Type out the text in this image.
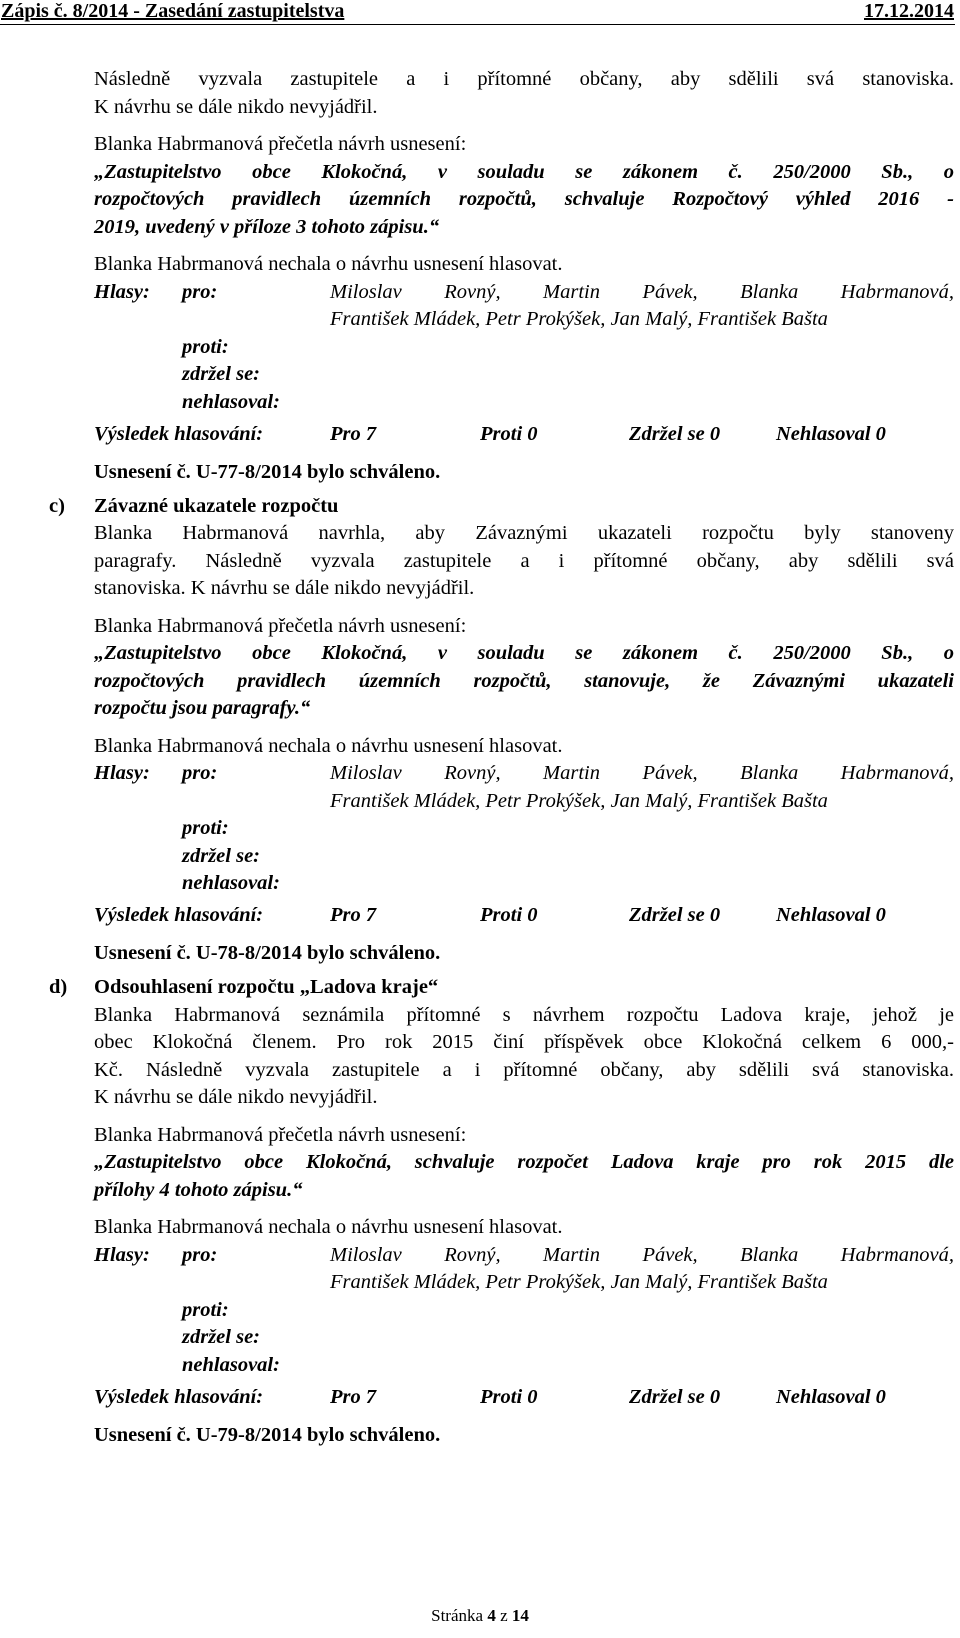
Zápis č. 8/2014 - Zasedání zastupitelstva	17.12.2014

Následně vyzvala zastupitele a i přítomné občany, aby sdělili svá stanoviska.

K návrhu se dále nikdo nevyjádřil.

Blanka Habrmanová přečetla návrh usnesení:

„Zastupitelstvo obce Klokočná, v souladu se zákonem č. 250/2000 Sb., o

rozpočtových pravidlech územních rozpočtů, schvaluje Rozpočtový výhled 2016 -

2019, uvedený v příloze 3 tohoto zápisu.“

Blanka Habrmanová nechala o návrhu usnesení hlasovat.

Hlasy: pro:	Miloslav Rovný, Martin Pávek, Blanka Habrmanová,
František Mládek, Petr Prokýšek, Jan Malý, František Bašta
proti:
zdržel se:
nehlasoval:
Výsledek hlasování:	Pro 7	Proti 0	Zdržel se 0	Nehlasoval 0

Usnesení č. U-77-8/2014 bylo schváleno.

c) Závazné ukazatele rozpočtu

Blanka Habrmanová navrhla, aby Závaznými ukazateli rozpočtu byly stanoveny

paragrafy. Následně vyzvala zastupitele a i přítomné občany, aby sdělili svá

stanoviska. K návrhu se dále nikdo nevyjádřil.

Blanka Habrmanová přečetla návrh usnesení:

„Zastupitelstvo obce Klokočná, v souladu se zákonem č. 250/2000 Sb., o

rozpočtových pravidlech územních rozpočtů, stanovuje, že Závaznými ukazateli

rozpočtu jsou paragrafy.“

Blanka Habrmanová nechala o návrhu usnesení hlasovat.

Hlasy: pro:	Miloslav Rovný, Martin Pávek, Blanka Habrmanová,
František Mládek, Petr Prokýšek, Jan Malý, František Bašta
proti:
zdržel se:
nehlasoval:
Výsledek hlasování:	Pro 7	Proti 0	Zdržel se 0	Nehlasoval 0

Usnesení č. U-78-8/2014 bylo schváleno.

d) Odsouhlasení rozpočtu „Ladova kraje“

Blanka Habrmanová seznámila přítomné s návrhem rozpočtu Ladova kraje, jehož je

obec Klokočná členem. Pro rok 2015 činí příspěvek obce Klokočná celkem 6 000,-

Kč. Následně vyzvala zastupitele a i přítomné občany, aby sdělili svá stanoviska.

K návrhu se dále nikdo nevyjádřil.

Blanka Habrmanová přečetla návrh usnesení:

„Zastupitelstvo obce Klokočná, schvaluje rozpočet Ladova kraje pro rok 2015 dle

přílohy 4 tohoto zápisu.“

Blanka Habrmanová nechala o návrhu usnesení hlasovat.

Hlasy: pro:	Miloslav Rovný, Martin Pávek, Blanka Habrmanová,
František Mládek, Petr Prokýšek, Jan Malý, František Bašta
proti:
zdržel se:
nehlasoval:
Výsledek hlasování:	Pro 7	Proti 0	Zdržel se 0	Nehlasoval 0

Usnesení č. U-79-8/2014 bylo schváleno.

Stránka 4 z 14
